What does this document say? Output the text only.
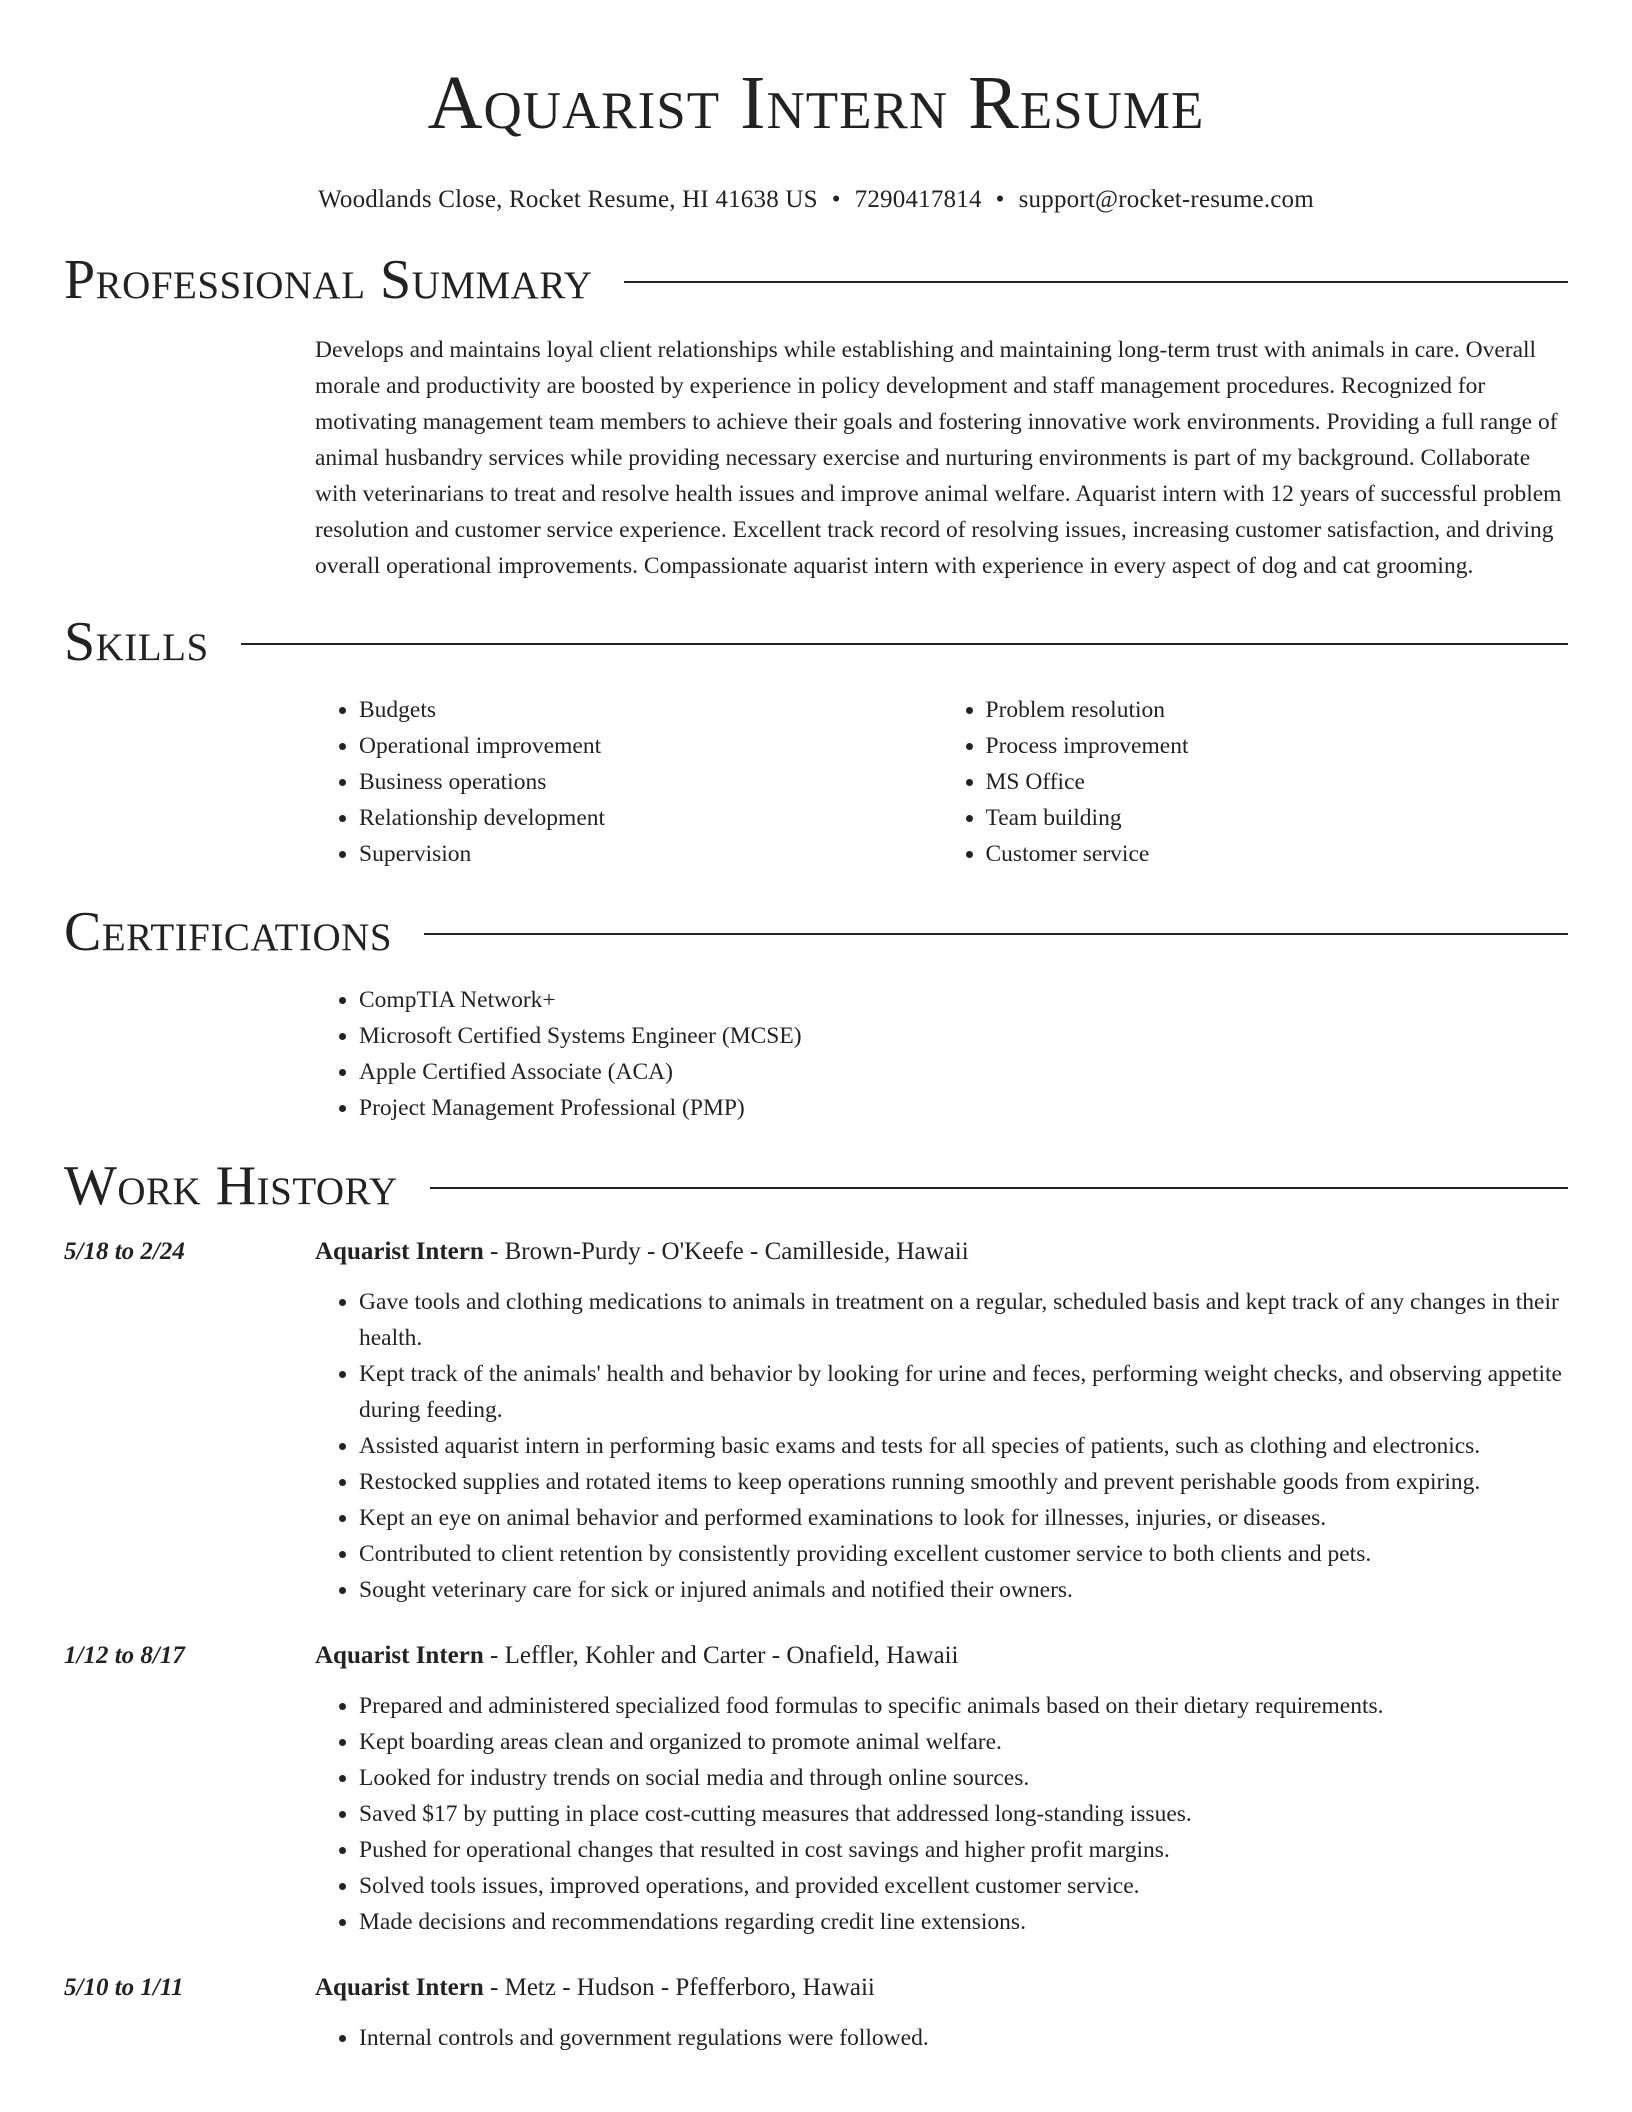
Aquarist Intern Resume
Woodlands Close, Rocket Resume, HI 41638 US • 7290417814 • support@rocket-resume.com
Professional Summary
Develops and maintains loyal client relationships while establishing and maintaining long-term trust with animals in care. Overall morale and productivity are boosted by experience in policy development and staff management procedures. Recognized for motivating management team members to achieve their goals and fostering innovative work environments. Providing a full range of animal husbandry services while providing necessary exercise and nurturing environments is part of my background. Collaborate with veterinarians to treat and resolve health issues and improve animal welfare. Aquarist intern with 12 years of successful problem resolution and customer service experience. Excellent track record of resolving issues, increasing customer satisfaction, and driving overall operational improvements. Compassionate aquarist intern with experience in every aspect of dog and cat grooming.
Skills
• Budgets
• Operational improvement
• Business operations
• Relationship development
• Supervision
• Problem resolution
• Process improvement
• MS Office
• Team building
• Customer service
Certifications
• CompTIA Network+
• Microsoft Certified Systems Engineer (MCSE)
• Apple Certified Associate (ACA)
• Project Management Professional (PMP)
Work History
5/18 to 2/24	Aquarist Intern - Brown-Purdy - O'Keefe - Camilleside, Hawaii
• Gave tools and clothing medications to animals in treatment on a regular, scheduled basis and kept track of any changes in their health.
• Kept track of the animals' health and behavior by looking for urine and feces, performing weight checks, and observing appetite during feeding.
• Assisted aquarist intern in performing basic exams and tests for all species of patients, such as clothing and electronics.
• Restocked supplies and rotated items to keep operations running smoothly and prevent perishable goods from expiring.
• Kept an eye on animal behavior and performed examinations to look for illnesses, injuries, or diseases.
• Contributed to client retention by consistently providing excellent customer service to both clients and pets.
• Sought veterinary care for sick or injured animals and notified their owners.
1/12 to 8/17	Aquarist Intern - Leffler, Kohler and Carter - Onafield, Hawaii
• Prepared and administered specialized food formulas to specific animals based on their dietary requirements.
• Kept boarding areas clean and organized to promote animal welfare.
• Looked for industry trends on social media and through online sources.
• Saved $17 by putting in place cost-cutting measures that addressed long-standing issues.
• Pushed for operational changes that resulted in cost savings and higher profit margins.
• Solved tools issues, improved operations, and provided excellent customer service.
• Made decisions and recommendations regarding credit line extensions.
5/10 to 1/11	Aquarist Intern - Metz - Hudson - Pfefferboro, Hawaii
• Internal controls and government regulations were followed.
